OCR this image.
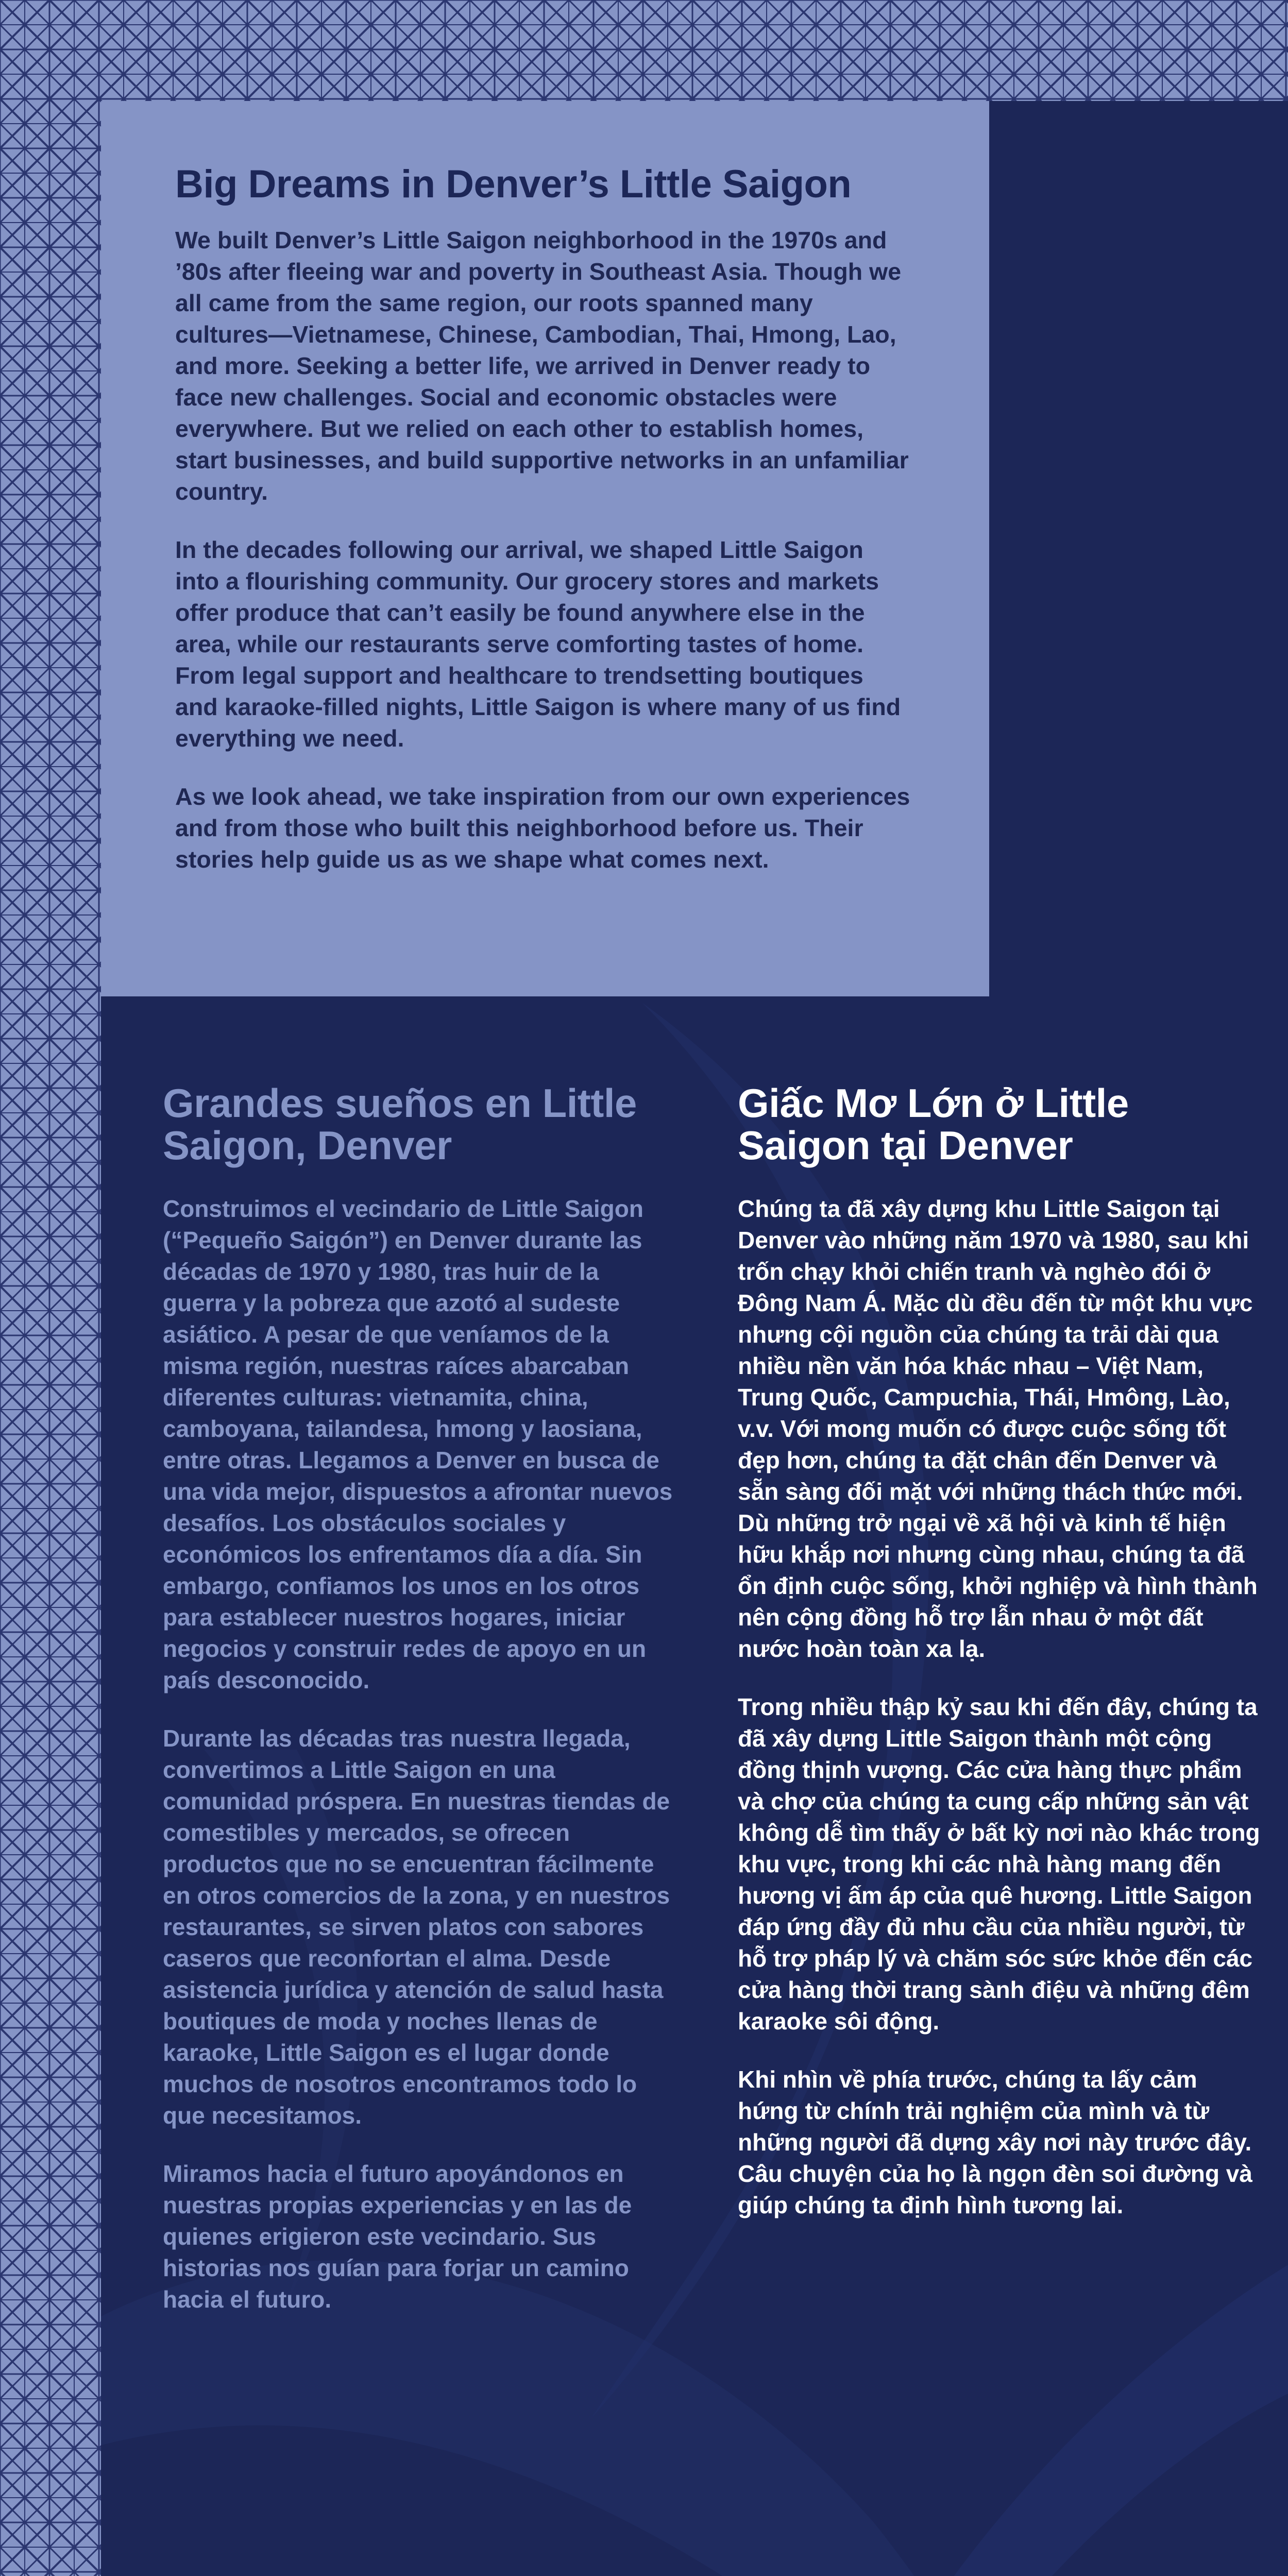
Big Dreams in Denver’s Little Saigon

We built Denver’s Little Saigon neighborhood in the 1970s and ’80s after fleeing war and poverty in Southeast Asia. Though we all came from the same region, our roots spanned many cultures—Vietnamese, Chinese, Cambodian, Thai, Hmong, Lao, and more. Seeking a better life, we arrived in Denver ready to face new challenges. Social and economic obstacles were everywhere. But we relied on each other to establish homes, start businesses, and build supportive networks in an unfamiliar country.

In the decades following our arrival, we shaped Little Saigon into a flourishing community. Our grocery stores and markets offer produce that can’t easily be found anywhere else in the area, while our restaurants serve comforting tastes of home. From legal support and healthcare to trendsetting boutiques and karaoke-filled nights, Little Saigon is where many of us find everything we need.

As we look ahead, we take inspiration from our own experiences and from those who built this neighborhood before us. Their stories help guide us as we shape what comes next.

Grandes sueños en Little Saigon, Denver

Construimos el vecindario de Little Saigon (“Pequeño Saigón”) en Denver durante las décadas de 1970 y 1980, tras huir de la guerra y la pobreza que azotó al sudeste asiático. A pesar de que veníamos de la misma región, nuestras raíces abarcaban diferentes culturas: vietnamita, china, camboyana, tailandesa, hmong y laosiana, entre otras. Llegamos a Denver en busca de una vida mejor, dispuestos a afrontar nuevos desafíos. Los obstáculos sociales y económicos los enfrentamos día a día. Sin embargo, confiamos los unos en los otros para establecer nuestros hogares, iniciar negocios y construir redes de apoyo en un país desconocido.

Durante las décadas tras nuestra llegada, convertimos a Little Saigon en una comunidad próspera. En nuestras tiendas de comestibles y mercados, se ofrecen productos que no se encuentran fácilmente en otros comercios de la zona, y en nuestros restaurantes, se sirven platos con sabores caseros que reconfortan el alma. Desde asistencia jurídica y atención de salud hasta boutiques de moda y noches llenas de karaoke, Little Saigon es el lugar donde muchos de nosotros encontramos todo lo que necesitamos.

Miramos hacia el futuro apoyándonos en nuestras propias experiencias y en las de quienes erigieron este vecindario. Sus historias nos guían para forjar un camino hacia el futuro.

Giấc Mơ Lớn ở Little Saigon tại Denver

Chúng ta đã xây dựng khu Little Saigon tại Denver vào những năm 1970 và 1980, sau khi trốn chạy khỏi chiến tranh và nghèo đói ở Đông Nam Á. Mặc dù đều đến từ một khu vực nhưng cội nguồn của chúng ta trải dài qua nhiều nền văn hóa khác nhau – Việt Nam, Trung Quốc, Campuchia, Thái, Hmông, Lào, v.v. Với mong muốn có được cuộc sống tốt đẹp hơn, chúng ta đặt chân đến Denver và sẵn sàng đối mặt với những thách thức mới. Dù những trở ngại về xã hội và kinh tế hiện hữu khắp nơi nhưng cùng nhau, chúng ta đã ổn định cuộc sống, khởi nghiệp và hình thành nên cộng đồng hỗ trợ lẫn nhau ở một đất nước hoàn toàn xa lạ.

Trong nhiều thập kỷ sau khi đến đây, chúng ta đã xây dựng Little Saigon thành một cộng đồng thịnh vượng. Các cửa hàng thực phẩm và chợ của chúng ta cung cấp những sản vật không dễ tìm thấy ở bất kỳ nơi nào khác trong khu vực, trong khi các nhà hàng mang đến hương vị ấm áp của quê hương. Little Saigon đáp ứng đầy đủ nhu cầu của nhiều người, từ hỗ trợ pháp lý và chăm sóc sức khỏe đến các cửa hàng thời trang sành điệu và những đêm karaoke sôi động.

Khi nhìn về phía trước, chúng ta lấy cảm hứng từ chính trải nghiệm của mình và từ những người đã dựng xây nơi này trước đây. Câu chuyện của họ là ngọn đèn soi đường và giúp chúng ta định hình tương lai.
